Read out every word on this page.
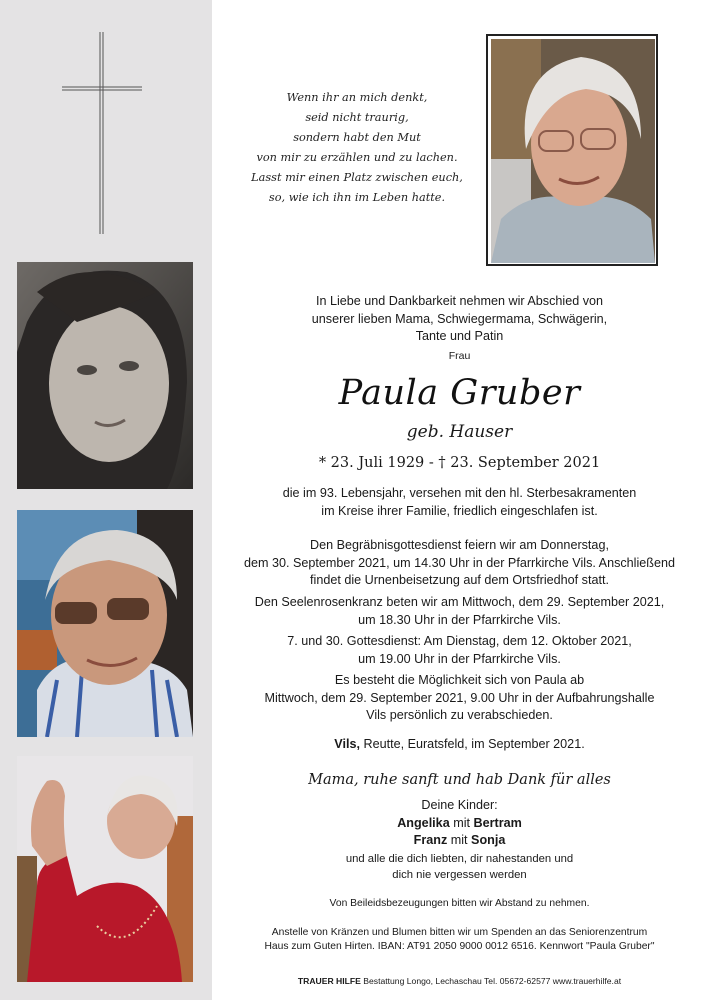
Wenn ihr an mich denkt,
seid nicht traurig,
sondern habt den Mut
von mir zu erzählen und zu lachen.
Lasst mir einen Platz zwischen euch,
so, wie ich ihn im Leben hatte.
In Liebe und Dankbarkeit nehmen wir Abschied von
unserer lieben Mama, Schwiegermama, Schwägerin,
Tante und Patin
Frau
Paula Gruber
geb. Hauser
* 23. Juli 1929 - † 23. September 2021
die im 93. Lebensjahr, versehen mit den hl. Sterbesakramenten
im Kreise ihrer Familie, friedlich eingeschlafen ist.
Den Begräbnisgottesdienst feiern wir am Donnerstag,
dem 30. September 2021, um 14.30 Uhr in der Pfarrkirche Vils. Anschließend
findet die Urnenbeisetzung auf dem Ortsfriedhof statt.
Den Seelenrosenkranz beten wir am Mittwoch, dem 29. September 2021,
um 18.30 Uhr in der Pfarrkirche Vils.
7. und 30. Gottesdienst: Am Dienstag, dem 12. Oktober 2021,
um 19.00 Uhr in der Pfarrkirche Vils.
Es besteht die Möglichkeit sich von Paula ab
Mittwoch, dem 29. September 2021, 9.00 Uhr in der Aufbahrungshalle
Vils persönlich zu verabschieden.
Vils, Reutte, Euratsfeld, im September 2021.
Mama, ruhe sanft und hab Dank für alles
Deine Kinder:
Angelika mit Bertram
Franz mit Sonja
und alle die dich liebten, dir nahestanden und
dich nie vergessen werden
Von Beileidsbezeugungen bitten wir Abstand zu nehmen.
Anstelle von Kränzen und Blumen bitten wir um Spenden an das Seniorenzentrum
Haus zum Guten Hirten. IBAN: AT91 2050 9000 0012 6516. Kennwort "Paula Gruber"
TRAUER HILFE Bestattung Longo, Lechaschau Tel. 05672-62577 www.trauerhilfe.at
